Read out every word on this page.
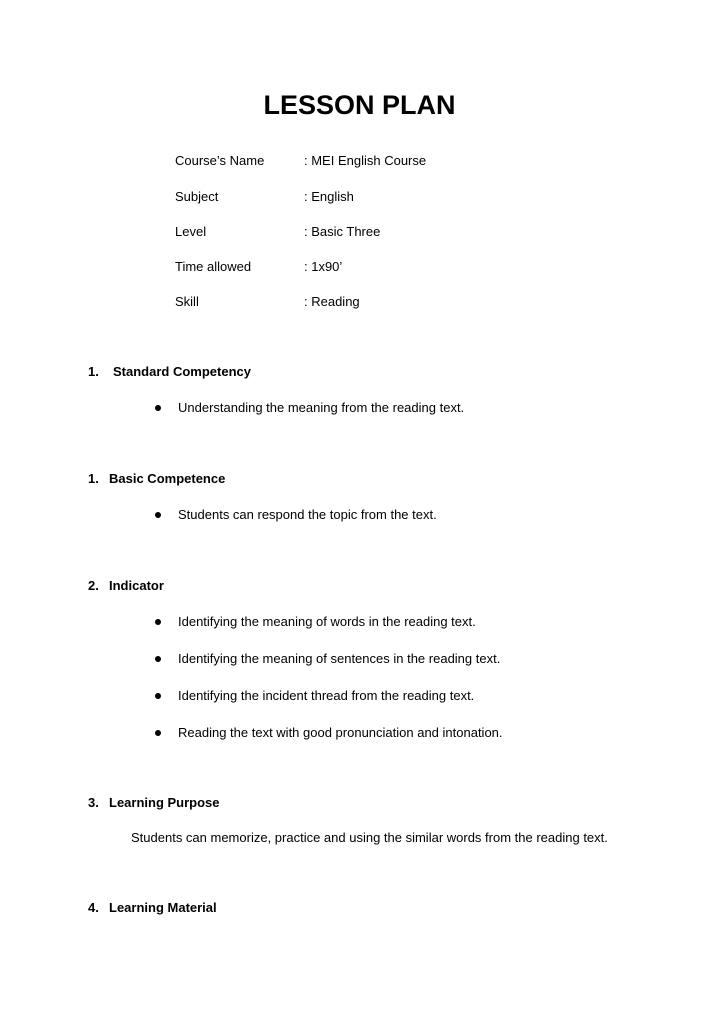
LESSON PLAN
Course’s Name	: MEI English Course
Subject	: English
Level	: Basic Three
Time allowed	: 1x90’
Skill	: Reading
1. Standard Competency
Understanding the meaning from the reading text.
1. Basic Competence
Students can respond the topic from the text.
2. Indicator
Identifying the meaning of words in the reading text.
Identifying the meaning of sentences in the reading text.
Identifying the incident thread from the reading text.
Reading the text with good pronunciation and intonation.
3. Learning Purpose
Students can memorize, practice and using the similar words from the reading text.
4. Learning Material
